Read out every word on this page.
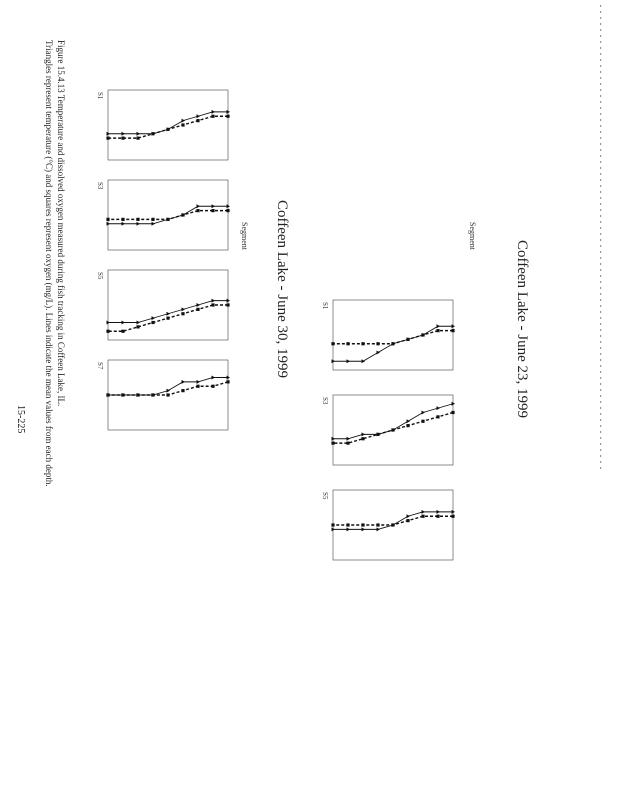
Coffeen Lake - June 23, 1999
Coffeen Lake - June 30, 1999	Segment
Segment
S1
S3
S5
S1
S3
S5
S7
Figure 15.4.13 Temperature and dissolved oxygen measured during fish tracking in Coffeen Lake, IL. Triangles represent temperature (°C) and squares represent oxygen (mg/L). Lines indicate the mean values from each depth.
15-225
